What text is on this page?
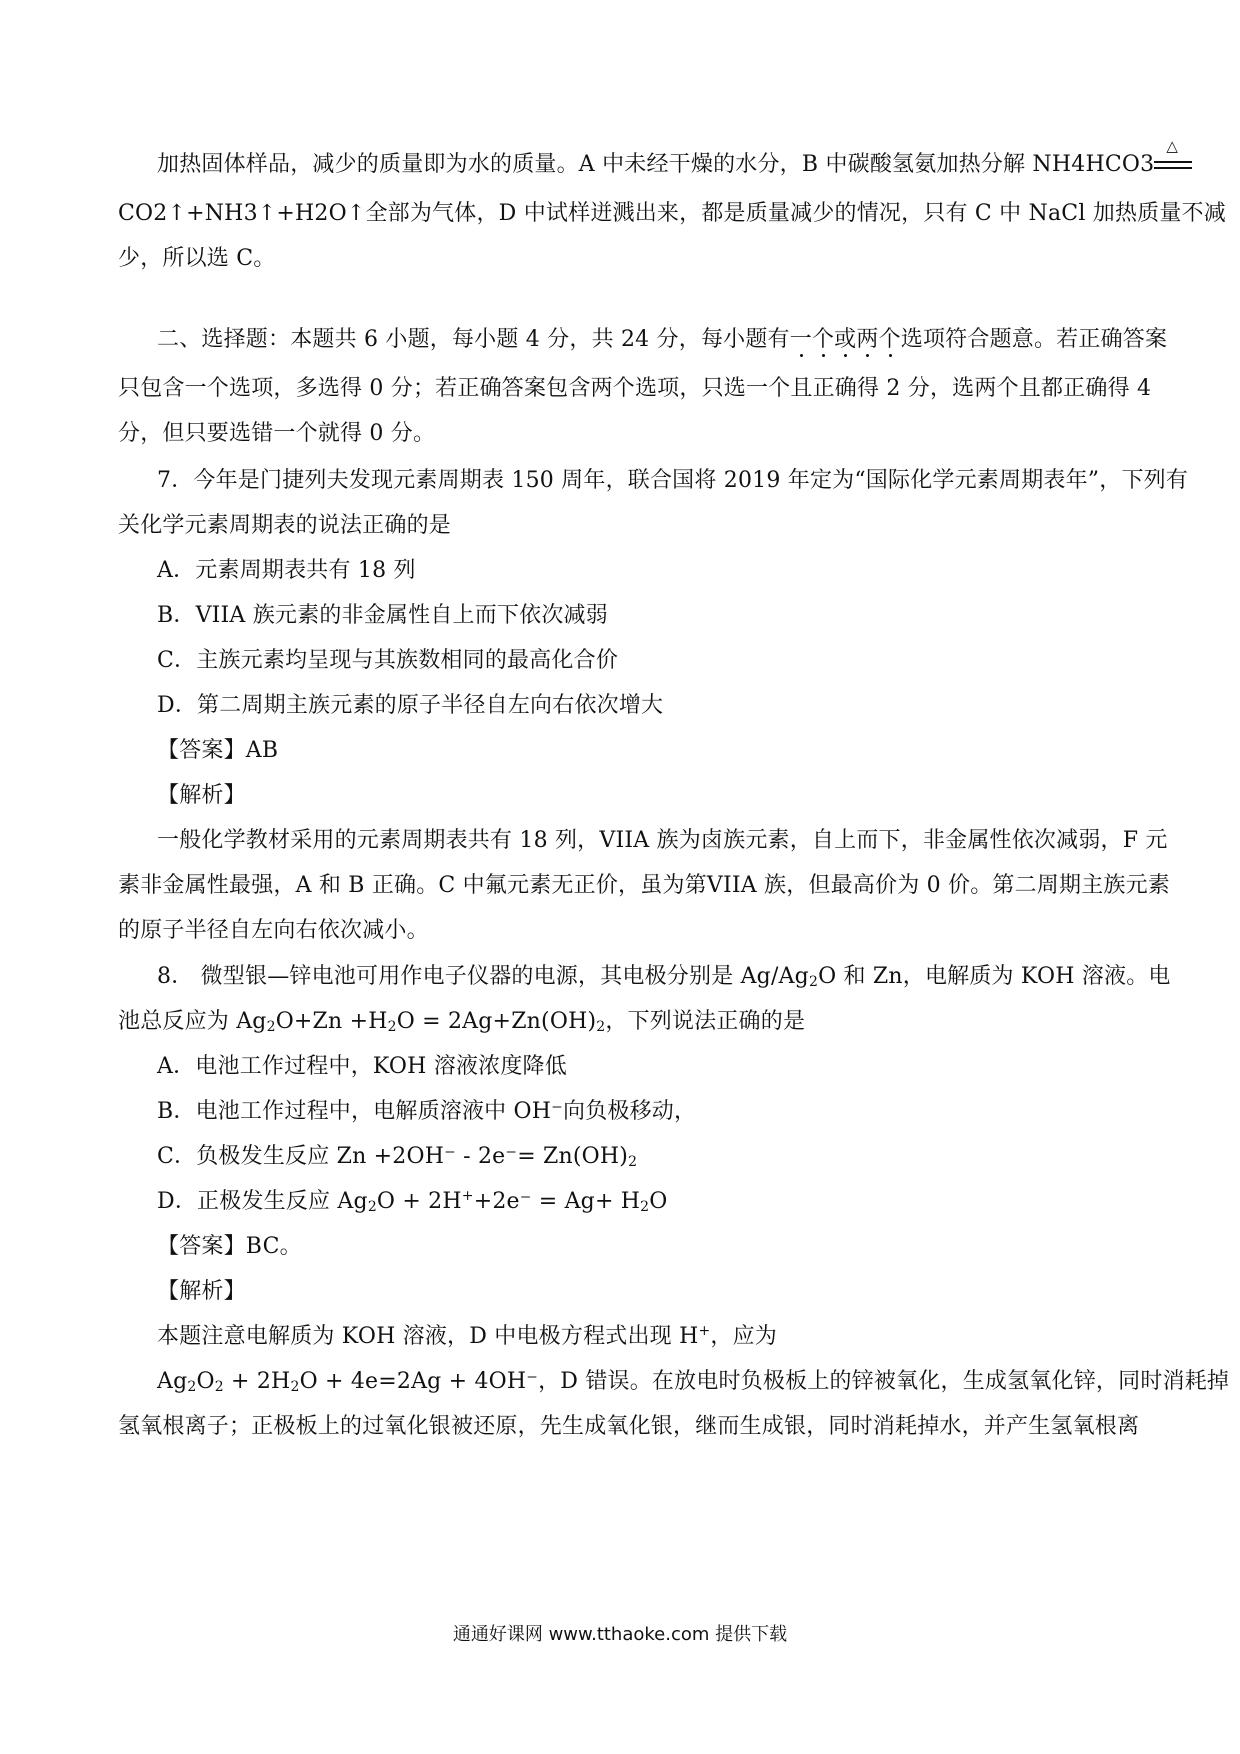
加热固体样品，减少的质量即为水的质量。A 中未经干燥的水分，B 中碳酸氢氨加热分解 NH4HCO3
△
CO2↑+NH3↑+H2O↑全部为气体，D 中试样迸溅出来，都是质量减少的情况，只有 C 中 NaCl 加热质量不减
少，所以选 C。
二、选择题：本题共 6 小题，每小题 4 分，共 24 分，每小题有一个或两个选项符合题意。若正确答案
只包含一个选项，多选得 0 分；若正确答案包含两个选项，只选一个且正确得 2 分，选两个且都正确得 4
分，但只要选错一个就得 0 分。
7．今年是门捷列夫发现元素周期表 150 周年，联合国将 2019 年定为“国际化学元素周期表年”，下列有
关化学元素周期表的说法正确的是
A．元素周期表共有 18 列
B．VIIA 族元素的非金属性自上而下依次减弱
C．主族元素均呈现与其族数相同的最高化合价
D．第二周期主族元素的原子半径自左向右依次增大
【答案】AB
【解析】
一般化学教材采用的元素周期表共有 18 列，VIIA 族为卤族元素，自上而下，非金属性依次减弱，F 元
素非金属性最强，A 和 B 正确。C 中氟元素无正价，虽为第VIIA 族，但最高价为 0 价。第二周期主族元素
的原子半径自左向右依次减小。
8． 微型银—锌电池可用作电子仪器的电源，其电极分别是 $Ag/Ag_2O$ 和 Zn，电解质为 KOH 溶液。电
池总反应为 $Ag_2O+Zn +H_2O = 2Ag+Zn(OH)_2$，下列说法正确的是
A．电池工作过程中，KOH 溶液浓度降低
B．电池工作过程中，电解质溶液中 OH⁻向负极移动，
C．负极发生反应 $Zn +2OH^- - 2e^-= Zn(OH)_2$
D．正极发生反应 $Ag_2O + 2H^++2e^- = Ag+ H_2O$
【答案】BC。
【解析】
本题注意电解质为 KOH 溶液，D 中电极方程式出现 H+，应为
$Ag_2O_2 + 2H_2O + 4e=2Ag + 4OH^-$，D 错误。在放电时负极板上的锌被氧化，生成氢氧化锌，同时消耗掉
氢氧根离子；正极板上的过氧化银被还原，先生成氧化银，继而生成银，同时消耗掉水，并产生氢氧根离
通通好课网 www.tthaoke.com 提供下载
